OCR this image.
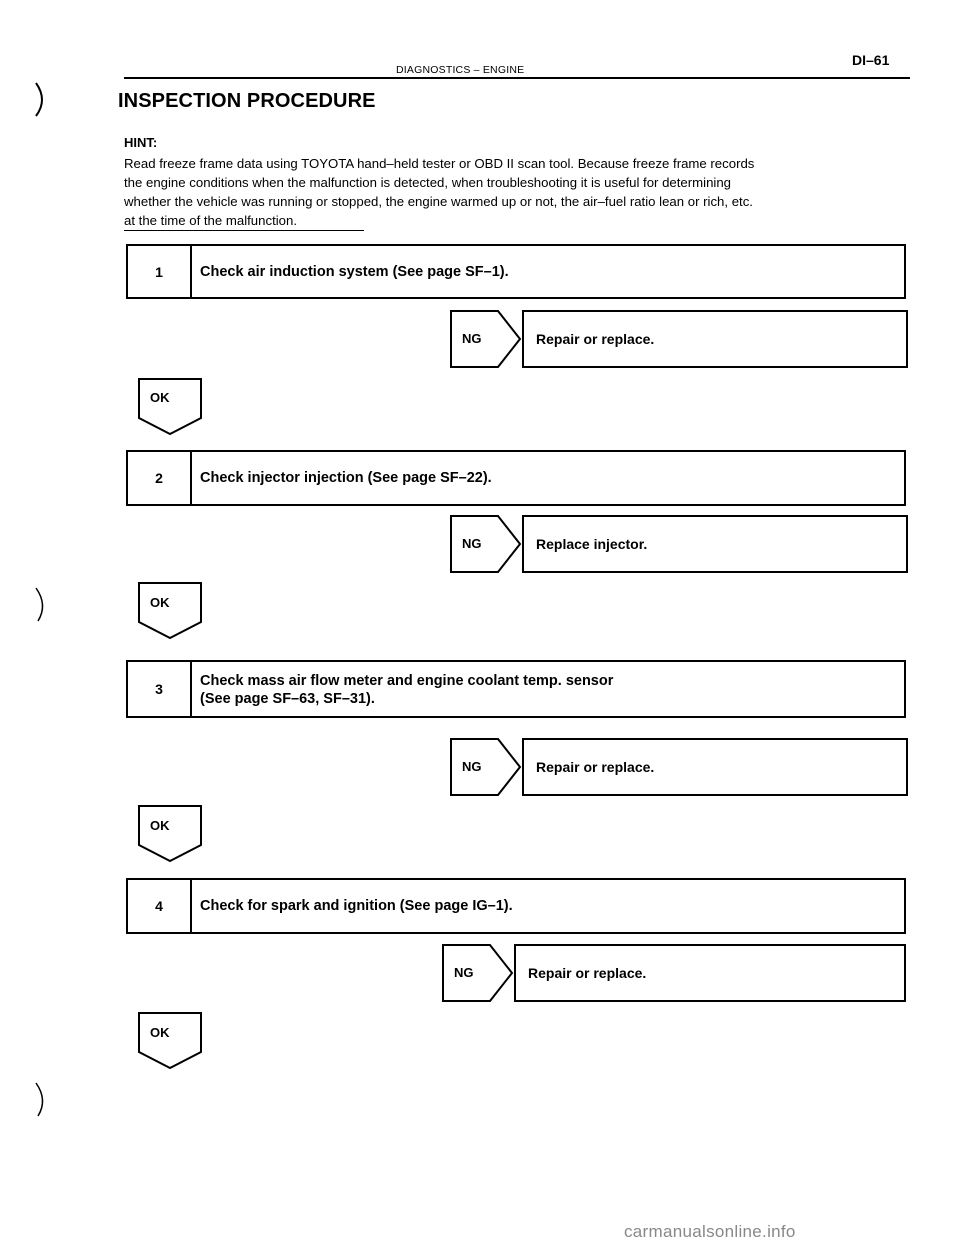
DIAGNOSTICS – ENGINE
DI–61
INSPECTION PROCEDURE
HINT:
Read freeze frame data using TOYOTA hand–held tester or OBD II scan tool. Because freeze frame records
the engine conditions when the malfunction is detected, when troubleshooting it is useful for determining
whether the vehicle was running or stopped, the engine warmed up or not, the air–fuel ratio lean or rich, etc.
at the time of the malfunction.
1	Check air induction system (See page SF–1).
NG	Repair or replace.
OK
2	Check injector injection (See page SF–22).
NG	Replace injector.
OK
3	Check mass air flow meter and engine coolant temp. sensor
(See page SF–63, SF–31).
NG	Repair or replace.
OK
4	Check for spark and ignition (See page IG–1).
NG	Repair or replace.
OK
carmanualsonline.info
